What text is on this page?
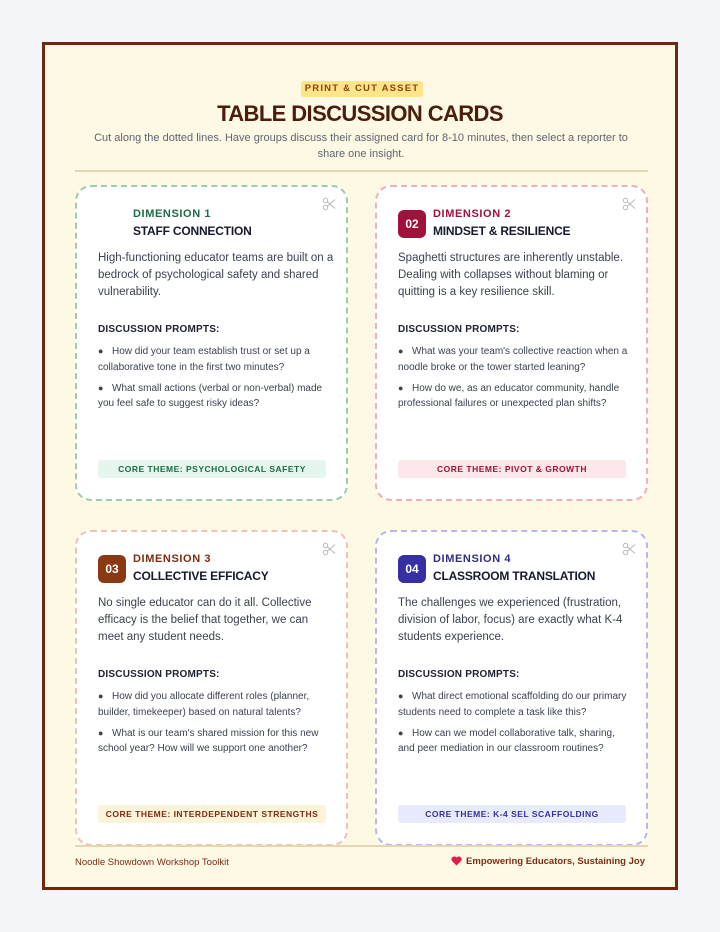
PRINT & CUT ASSET
TABLE DISCUSSION CARDS
Cut along the dotted lines. Have groups discuss their assigned card for 8-10 minutes, then select a reporter to share one insight.
DIMENSION 1
STAFF CONNECTION
High-functioning educator teams are built on a bedrock of psychological safety and shared vulnerability.
DISCUSSION PROMPTS:
● How did your team establish trust or set up a collaborative tone in the first two minutes?
● What small actions (verbal or non-verbal) made you feel safe to suggest risky ideas?
CORE THEME: PSYCHOLOGICAL SAFETY
02
DIMENSION 2
MINDSET & RESILIENCE
Spaghetti structures are inherently unstable. Dealing with collapses without blaming or quitting is a key resilience skill.
DISCUSSION PROMPTS:
● What was your team's collective reaction when a noodle broke or the tower started leaning?
● How do we, as an educator community, handle professional failures or unexpected plan shifts?
CORE THEME: PIVOT & GROWTH
03
DIMENSION 3
COLLECTIVE EFFICACY
No single educator can do it all. Collective efficacy is the belief that together, we can meet any student needs.
DISCUSSION PROMPTS:
● How did you allocate different roles (planner, builder, timekeeper) based on natural talents?
● What is our team's shared mission for this new school year? How will we support one another?
CORE THEME: INTERDEPENDENT STRENGTHS
04
DIMENSION 4
CLASSROOM TRANSLATION
The challenges we experienced (frustration, division of labor, focus) are exactly what K-4 students experience.
DISCUSSION PROMPTS:
● What direct emotional scaffolding do our primary students need to complete a task like this?
● How can we model collaborative talk, sharing, and peer mediation in our classroom routines?
CORE THEME: K-4 SEL SCAFFOLDING
Noodle Showdown Workshop Toolkit	Empowering Educators, Sustaining Joy
